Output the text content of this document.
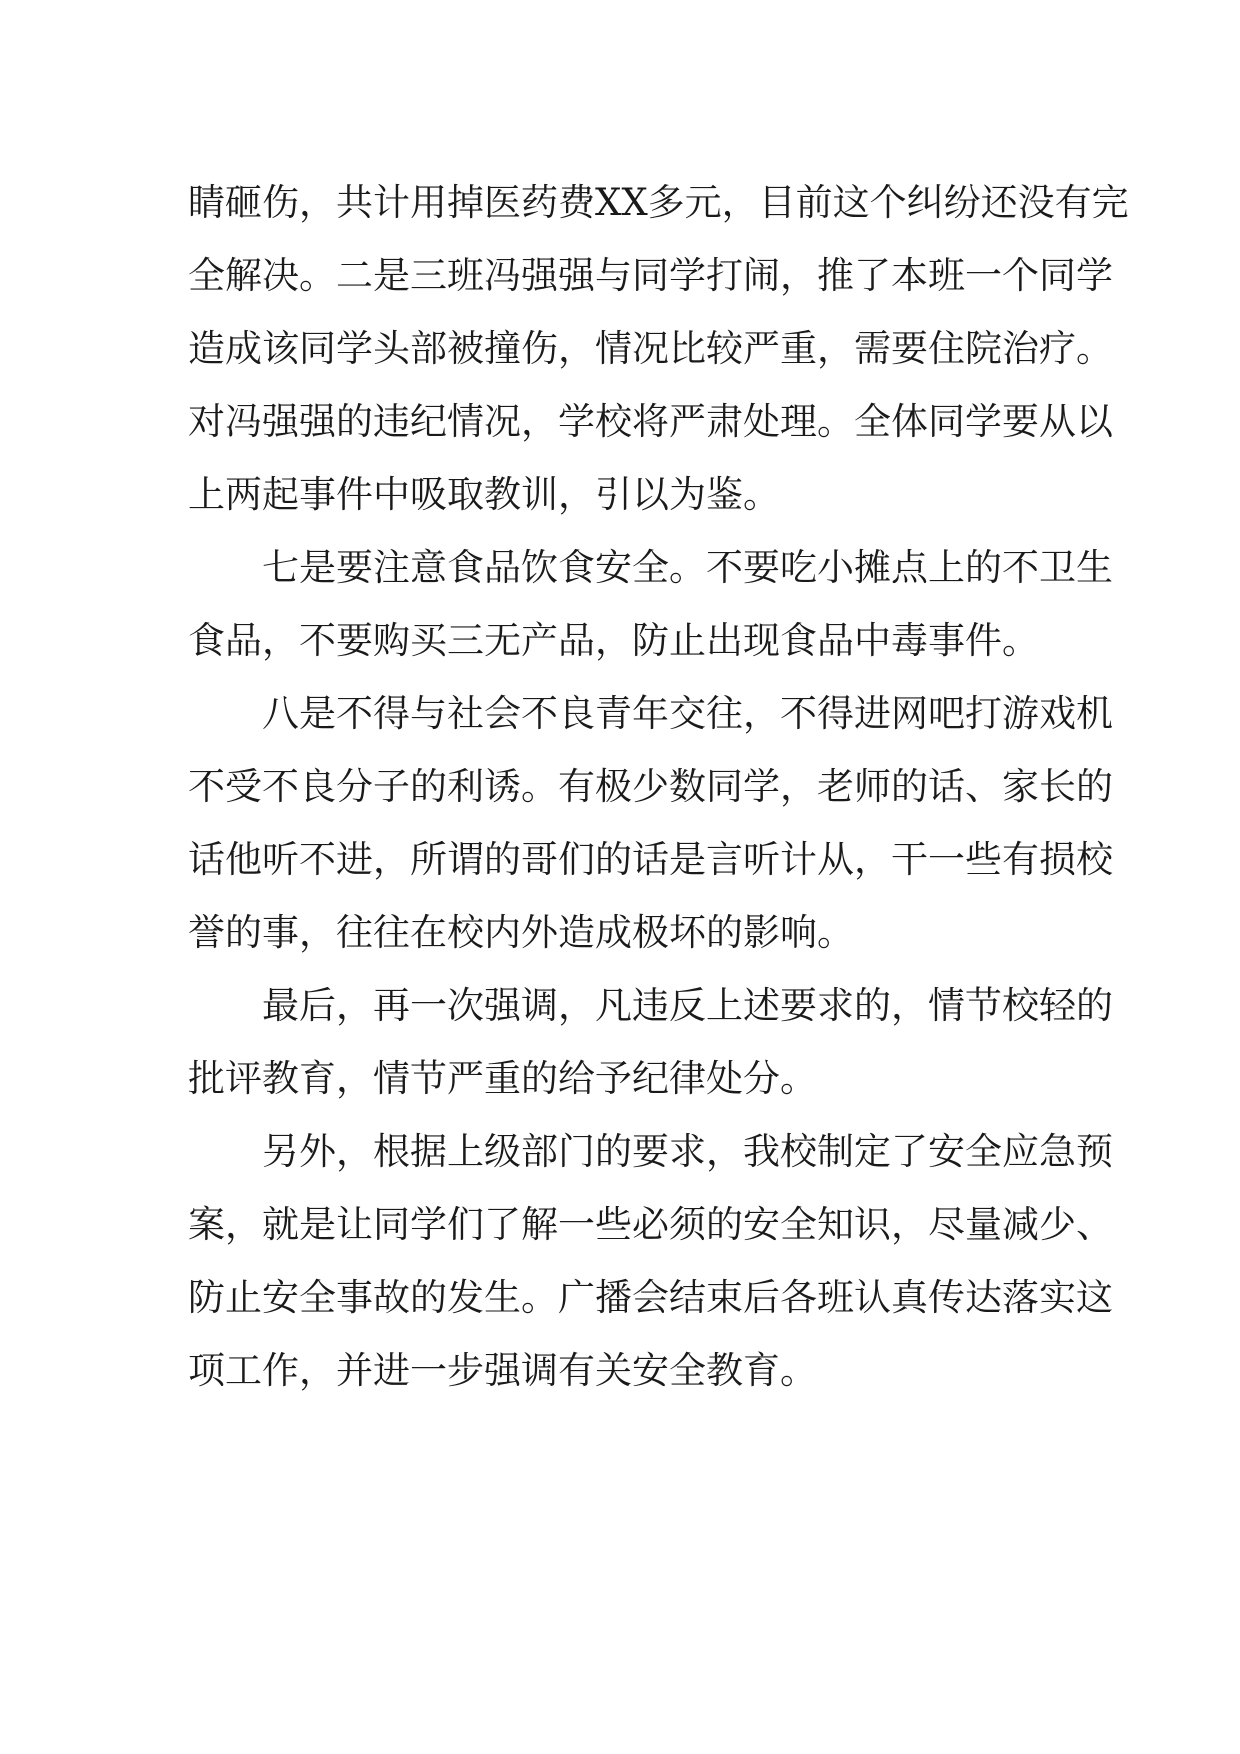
睛砸伤，共计用掉医药费XX多元，目前这个纠纷还没有完
全解决。二是三班冯强强与同学打闹，推了本班一个同学
造成该同学头部被撞伤，情况比较严重，需要住院治疗。
对冯强强的违纪情况，学校将严肃处理。全体同学要从以
上两起事件中吸取教训，引以为鉴。

七是要注意食品饮食安全。不要吃小摊点上的不卫生
食品，不要购买三无产品，防止出现食品中毒事件。

八是不得与社会不良青年交往，不得进网吧打游戏机
不受不良分子的利诱。有极少数同学，老师的话、家长的
话他听不进，所谓的哥们的话是言听计从，干一些有损校
誉的事，往往在校内外造成极坏的影响。

最后，再一次强调，凡违反上述要求的，情节校轻的
批评教育，情节严重的给予纪律处分。

另外，根据上级部门的要求，我校制定了安全应急预
案，就是让同学们了解一些必须的安全知识，尽量减少、
防止安全事故的发生。广播会结束后各班认真传达落实这
项工作，并进一步强调有关安全教育。
